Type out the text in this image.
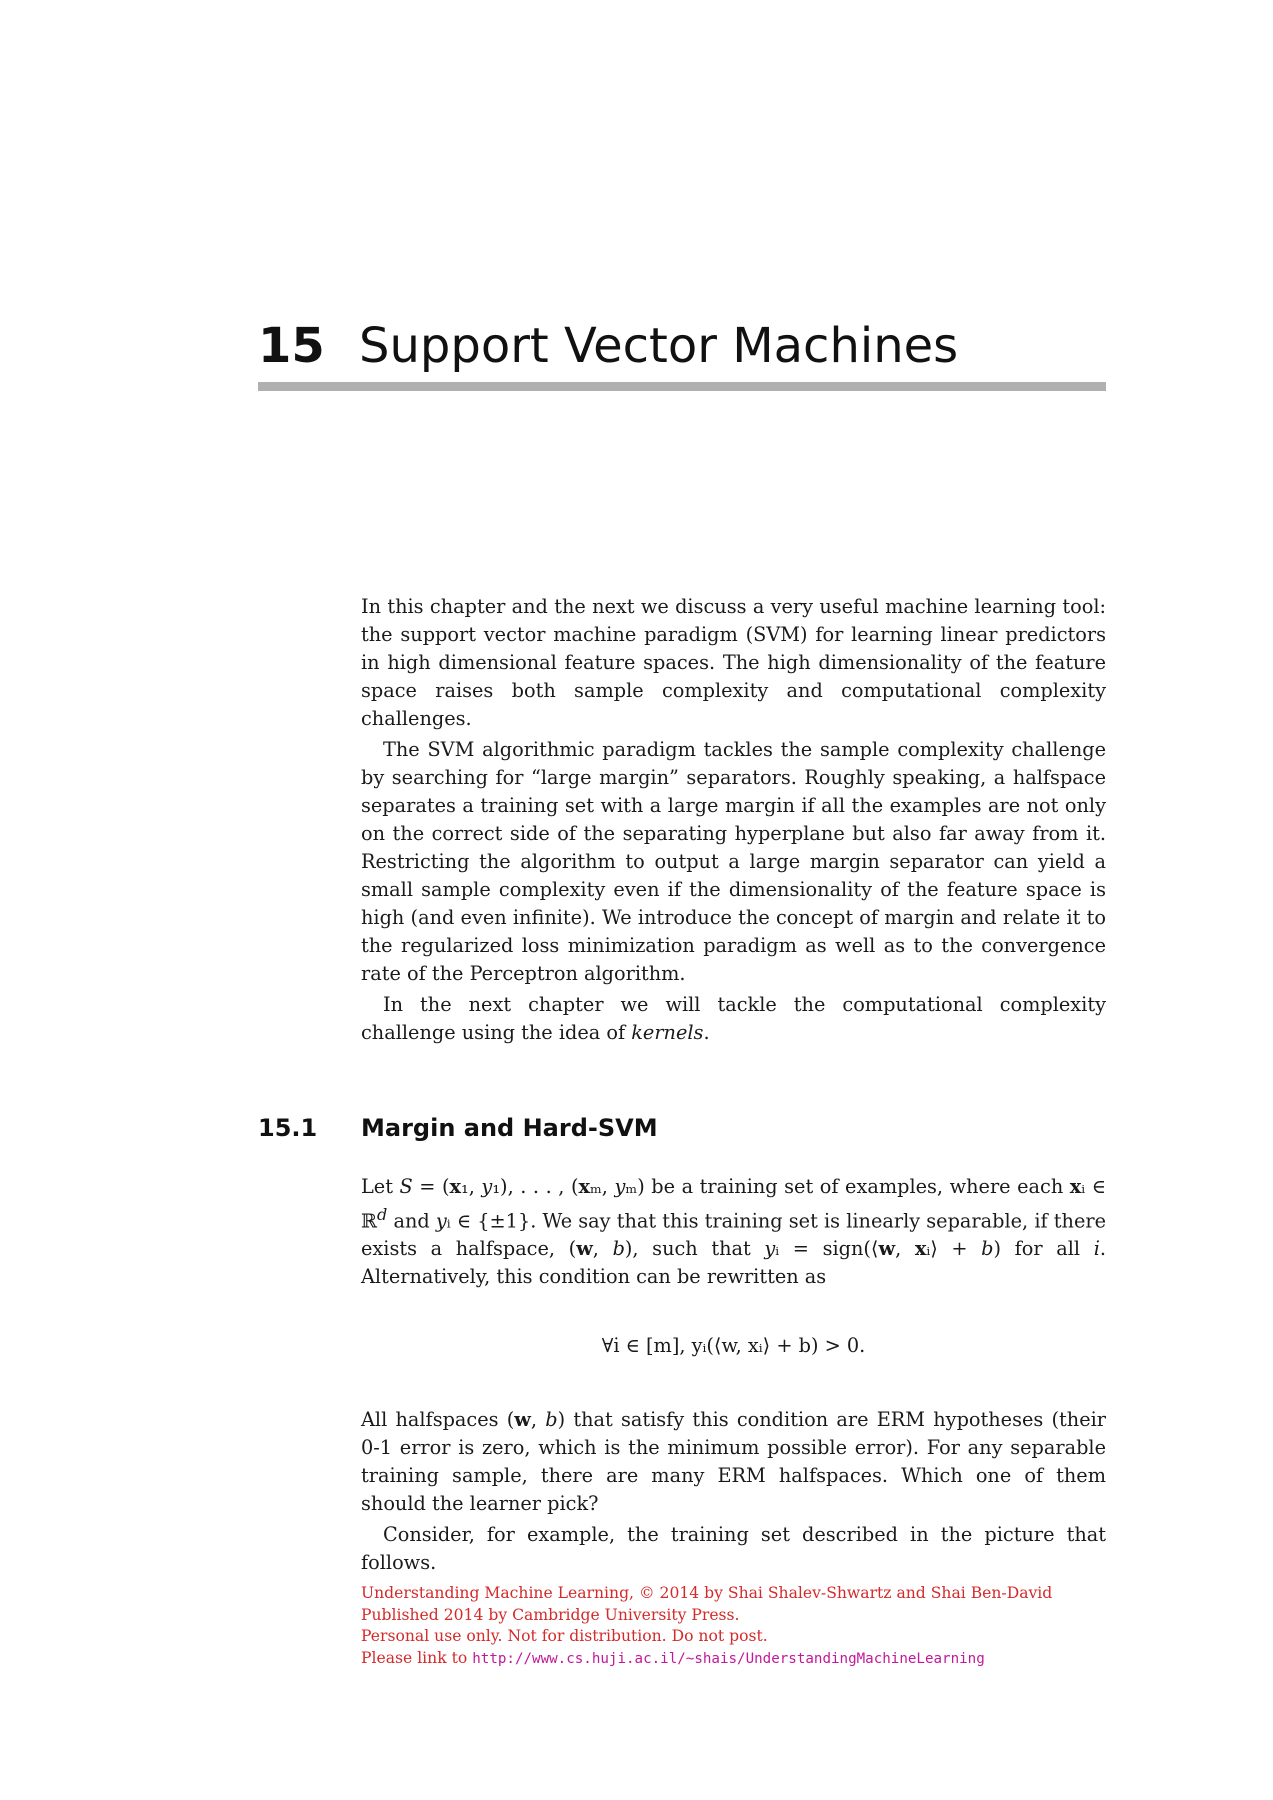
15 Support Vector Machines

In this chapter and the next we discuss a very useful machine learning tool: the support vector machine paradigm (SVM) for learning linear predictors in high dimensional feature spaces. The high dimensionality of the feature space raises both sample complexity and computational complexity challenges.

The SVM algorithmic paradigm tackles the sample complexity challenge by searching for “large margin” separators. Roughly speaking, a halfspace separates a training set with a large margin if all the examples are not only on the correct side of the separating hyperplane but also far away from it. Restricting the algorithm to output a large margin separator can yield a small sample complexity even if the dimensionality of the feature space is high (and even infinite). We introduce the concept of margin and relate it to the regularized loss minimization paradigm as well as to the convergence rate of the Perceptron algorithm.

In the next chapter we will tackle the computational complexity challenge using the idea of kernels.

15.1 Margin and Hard-SVM

Let S = (x₁, y₁), . . . , (xₘ, yₘ) be a training set of examples, where each xᵢ ∈ ℝ$^d$ and yᵢ ∈ {±1}. We say that this training set is linearly separable, if there exists a halfspace, (w, b), such that yᵢ = sign(⟨w, xᵢ⟩ + b) for all i. Alternatively, this condition can be rewritten as

∀i ∈ [m], yᵢ(⟨w, xᵢ⟩ + b) > 0.

All halfspaces (w, b) that satisfy this condition are ERM hypotheses (their 0-1 error is zero, which is the minimum possible error). For any separable training sample, there are many ERM halfspaces. Which one of them should the learner pick?

Consider, for example, the training set described in the picture that follows.

Understanding Machine Learning, © 2014 by Shai Shalev-Shwartz and Shai Ben-David
Published 2014 by Cambridge University Press.
Personal use only. Not for distribution. Do not post.
Please link to http://www.cs.huji.ac.il/~shais/UnderstandingMachineLearning
